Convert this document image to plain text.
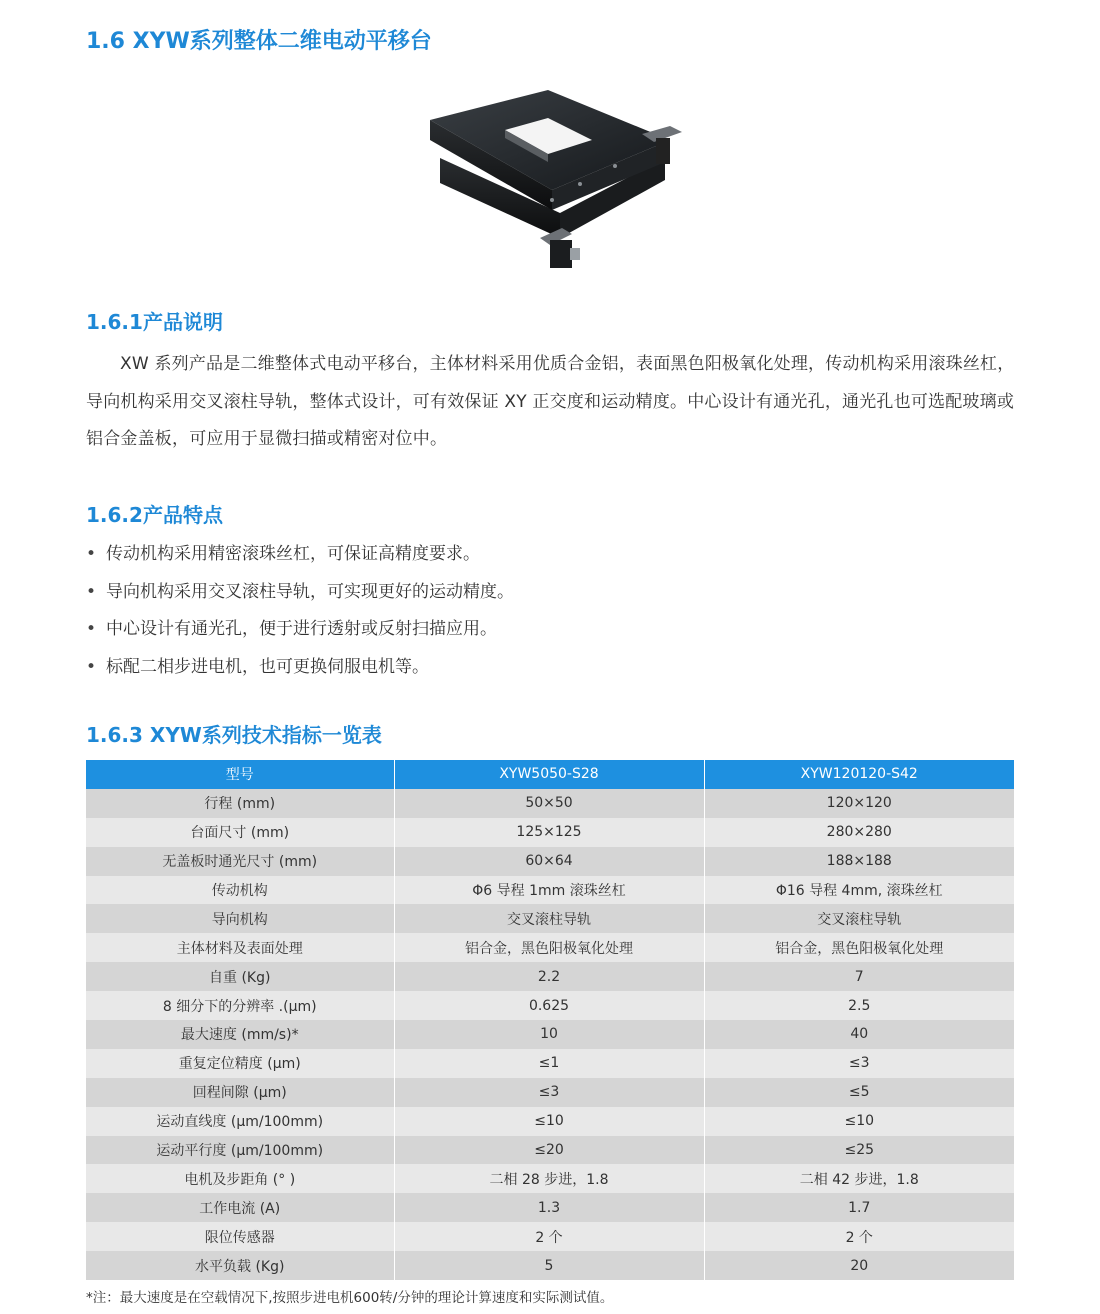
1.6 XYW系列整体二维电动平移台
1.6.1产品说明
XW 系列产品是二维整体式电动平移台，主体材料采用优质合金铝，表面黑色阳极氧化处理，传动机构采用滚珠丝杠，导向机构采用交叉滚柱导轨，整体式设计，可有效保证 XY 正交度和运动精度。中心设计有通光孔，通光孔也可选配玻璃或铝合金盖板，可应用于显微扫描或精密对位中。
1.6.2产品特点
• 传动机构采用精密滚珠丝杠，可保证高精度要求。
• 导向机构采用交叉滚柱导轨，可实现更好的运动精度。
• 中心设计有通光孔，便于进行透射或反射扫描应用。
• 标配二相步进电机，也可更换伺服电机等。
1.6.3 XYW系列技术指标一览表
型号	XYW5050-S28	XYW120120-S42
行程 (mm)	50×50	120×120
台面尺寸 (mm)	125×125	280×280
无盖板时通光尺寸 (mm)	60×64	188×188
传动机构	Φ6 导程 1mm 滚珠丝杠	Φ16 导程 4mm, 滚珠丝杠
导向机构	交叉滚柱导轨	交叉滚柱导轨
主体材料及表面处理	铝合金，黑色阳极氧化处理	铝合金，黑色阳极氧化处理
自重 (Kg)	2.2	7
8 细分下的分辨率 .(μm)	0.625	2.5
最大速度 (mm/s)*	10	40
重复定位精度 (μm)	≤1	≤3
回程间隙 (μm)	≤3	≤5
运动直线度 (μm/100mm)	≤10	≤10
运动平行度 (μm/100mm)	≤20	≤25
电机及步距角 (° )	二相 28 步进，1.8	二相 42 步进，1.8
工作电流 (A)	1.3	1.7
限位传感器	2 个	2 个
水平负载 (Kg)	5	20
*注：最大速度是在空载情况下,按照步进电机600转/分钟的理论计算速度和实际测试值。
